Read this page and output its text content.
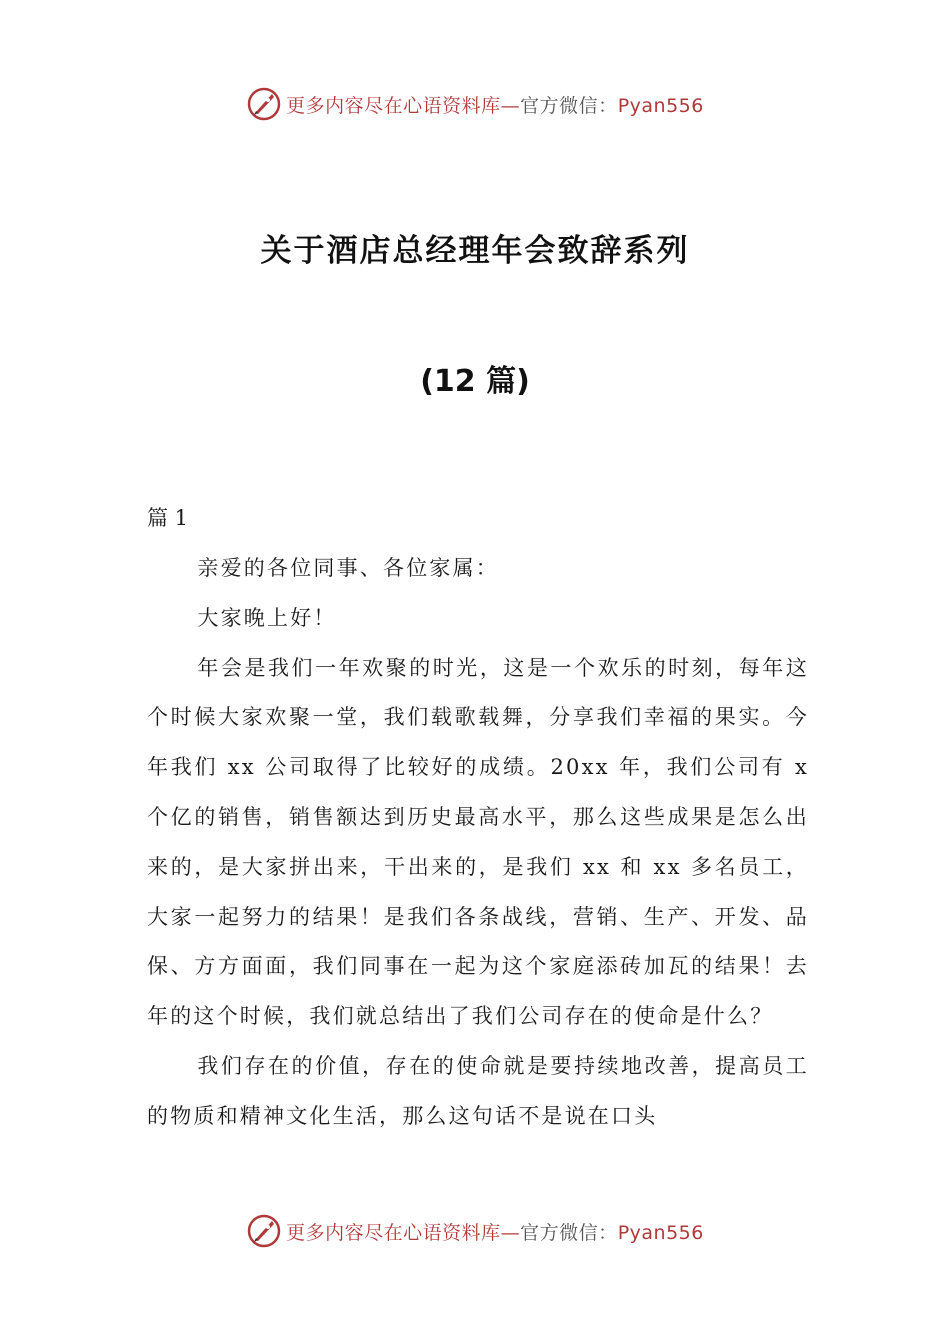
更多内容尽在心语资料库—官方微信：Pyan556
关于酒店总经理年会致辞系列
(12 篇)
篇 1

亲爱的各位同事、各位家属：

大家晚上好！

年会是我们一年欢聚的时光，这是一个欢乐的时刻，每年这个时候大家欢聚一堂，我们载歌载舞，分享我们幸福的果实。今年我们 xx 公司取得了比较好的成绩。20xx 年，我们公司有 x 个亿的销售，销售额达到历史最高水平，那么这些成果是怎么出来的，是大家拼出来，干出来的，是我们 xx 和 xx 多名员工，大家一起努力的结果！是我们各条战线，营销、生产、开发、品保、方方面面，我们同事在一起为这个家庭添砖加瓦的结果！去年的这个时候，我们就总结出了我们公司存在的使命是什么？

我们存在的价值，存在的使命就是要持续地改善，提高员工的物质和精神文化生活，那么这句话不是说在口头

更多内容尽在心语资料库—官方微信：Pyan556
